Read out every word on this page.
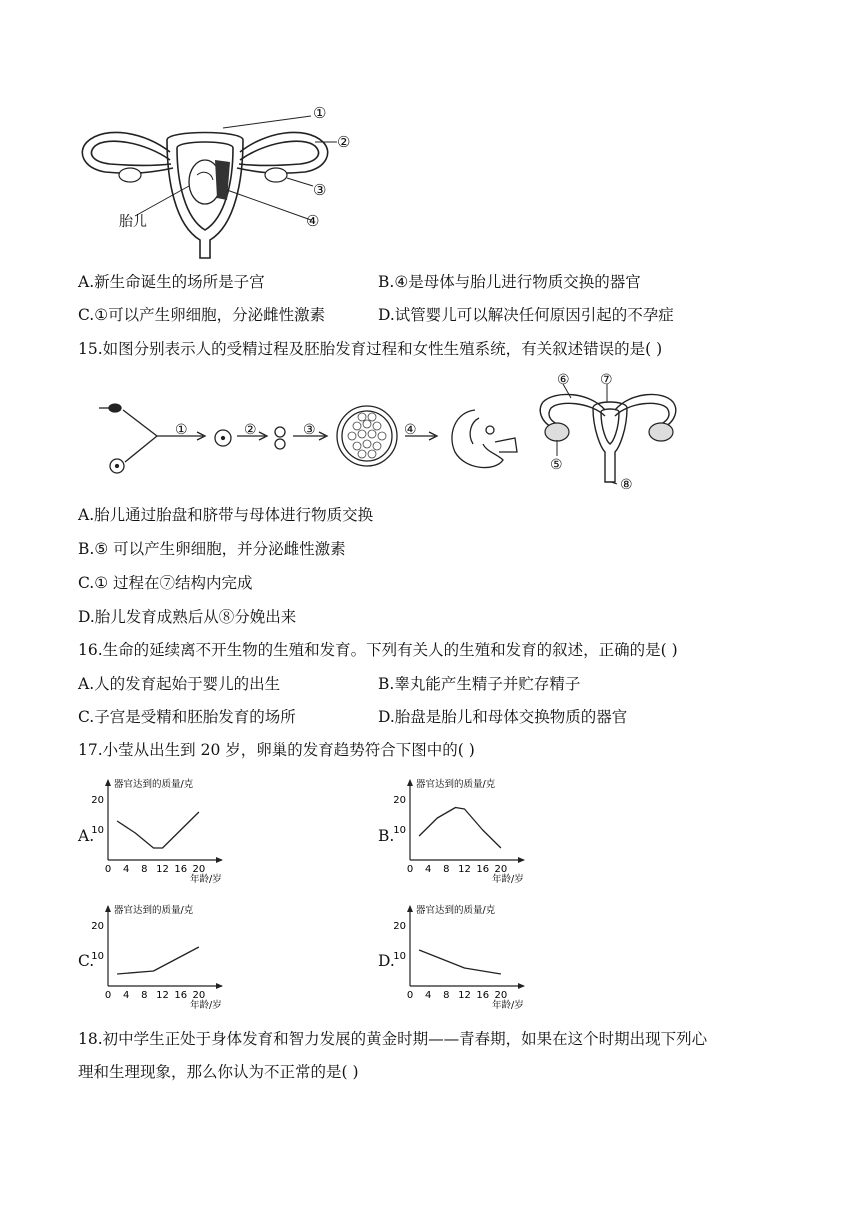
①
②
③
④
胎儿
A.新生命诞生的场所是子宫	B.④是母体与胎儿进行物质交换的器官
C.①可以产生卵细胞，分泌雌性激素	D.试管婴儿可以解决任何原因引起的不孕症
15.如图分别表示人的受精过程及胚胎发育过程和女性生殖系统，有关叙述错误的是( )
①	②	③	④
⑥ ⑦
⑤
⑧
A.胎儿通过胎盘和脐带与母体进行物质交换
B.⑤ 可以产生卵细胞，并分泌雌性激素
C.① 过程在⑦结构内完成
D.胎儿发育成熟后从⑧分娩出来
16.生命的延续离不开生物的生殖和发育。下列有关人的生殖和发育的叙述，正确的是( )
A.人的发育起始于婴儿的出生	B.睾丸能产生精子并贮存精子
C.子宫是受精和胚胎发育的场所	D.胎盘是胎儿和母体交换物质的器官
17.小莹从出生到 20 岁，卵巢的发育趋势符合下图中的( )
A.	B.
C.	D.
器官达到的质量/克
年龄/岁
0 4 8 12 16 20
10
20
器官达到的质量/克
年龄/岁
0 4 8 12 16 20
10
20
器官达到的质量/克
年龄/岁
0 4 8 12 16 20
10
20
器官达到的质量/克
年龄/岁
0 4 8 12 16 20
10
20
18.初中学生正处于身体发育和智力发展的黄金时期——青春期，如果在这个时期出现下列心
理和生理现象，那么你认为不正常的是( )
